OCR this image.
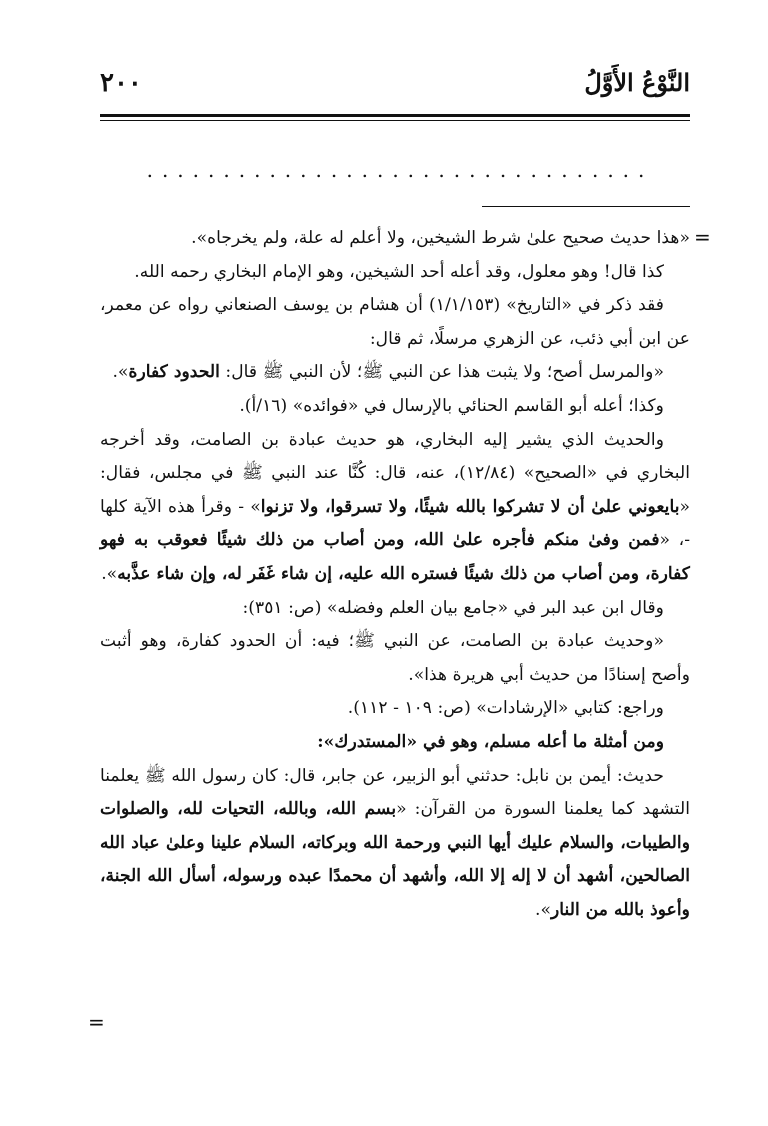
٢٠٠	النَّوْعُ الأَوَّلُ
.................................
=
=

«هذا حديث صحيح علىٰ شرط الشيخين، ولا أعلم له علة، ولم يخرجاه».

كذا قال! وهو معلول، وقد أعله أحد الشيخين، وهو الإمام البخاري رحمه الله.

فقد ذكر في «التاريخ» (١/١/١٥٣) أن هشام بن يوسف الصنعاني رواه عن معمر، عن ابن أبي ذئب، عن الزهري مرسلًا، ثم قال:

«والمرسل أصح؛ ولا يثبت هذا عن النبي ﷺ؛ لأن النبي ﷺ قال: الحدود كفارة».

وكذا؛ أعله أبو القاسم الحنائي بالإرسال في «فوائده» (١٦/أ).

والحديث الذي يشير إليه البخاري، هو حديث عبادة بن الصامت، وقد أخرجه البخاري في «الصحيح» (١٢/٨٤)، عنه، قال: كُنَّا عند النبي ﷺ في مجلس، فقال: «بايعوني علىٰ أن لا تشركوا بالله شيئًا، ولا تسرقوا، ولا تزنوا» - وقرأ هذه الآية كلها -، «فمن وفىٰ منكم فأجره علىٰ الله، ومن أصاب من ذلك شيئًا فعوقب به فهو كفارة، ومن أصاب من ذلك شيئًا فستره الله عليه، إن شاء غَفَر له، وإن شاء عذَّبه».

وقال ابن عبد البر في «جامع بيان العلم وفضله» (ص: ٣٥١):

«وحديث عبادة بن الصامت، عن النبي ﷺ؛ فيه: أن الحدود كفارة، وهو أثبت وأصح إسنادًا من حديث أبي هريرة هذا».

وراجع: كتابي «الإرشادات» (ص: ١٠٩ - ١١٢).

ومن أمثلة ما أعله مسلم، وهو في «المستدرك»:

حديث: أيمن بن نابل: حدثني أبو الزبير، عن جابر، قال: كان رسول الله ﷺ يعلمنا التشهد كما يعلمنا السورة من القرآن: «بسم الله، وبالله، التحيات لله، والصلوات والطيبات، والسلام عليك أيها النبي ورحمة الله وبركاته، السلام علينا وعلىٰ عباد الله الصالحين، أشهد أن لا إله إلا الله، وأشهد أن محمدًا عبده ورسوله، أسأل الله الجنة، وأعوذ بالله من النار».
